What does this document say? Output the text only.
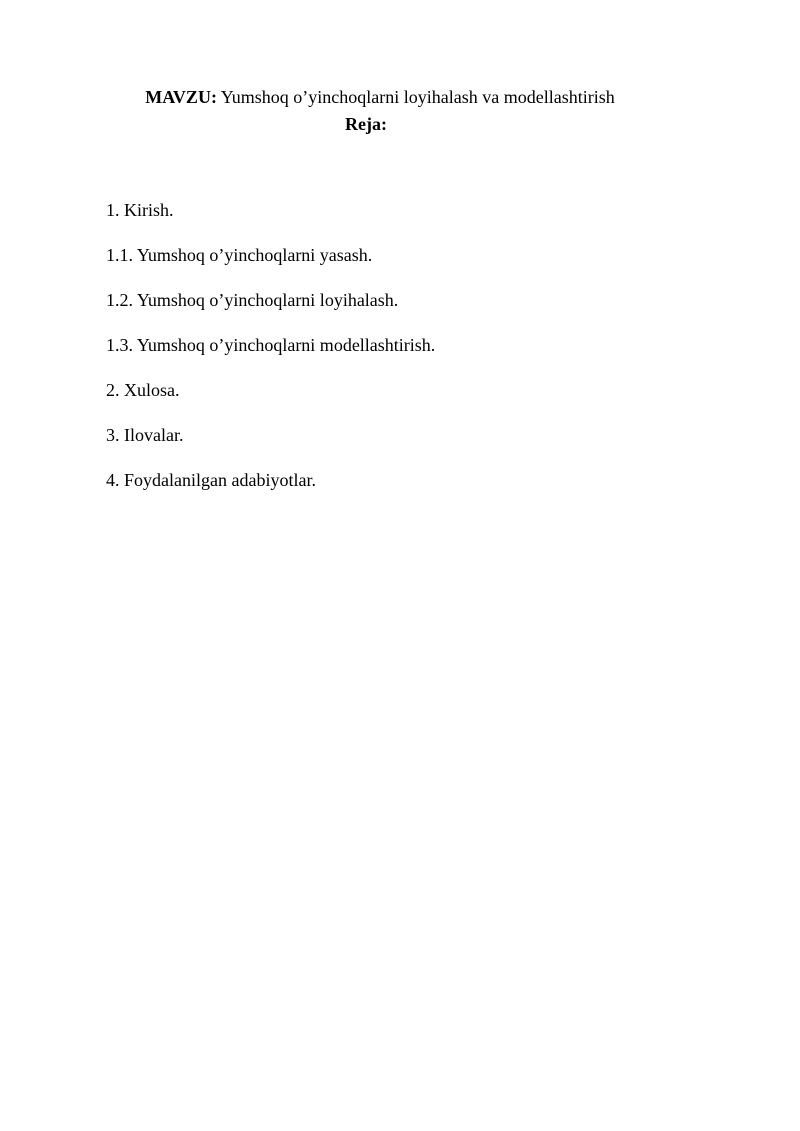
MAVZU: Yumshoq o’yinchoqlarni loyihalash va modellashtirish
Reja:
1. Kirish.
1.1. Yumshoq o’yinchoqlarni yasash.
1.2. Yumshoq o’yinchoqlarni loyihalash.
1.3. Yumshoq o’yinchoqlarni modellashtirish.
2. Xulosa.
3. Ilovalar.
4. Foydalanilgan adabiyotlar.
